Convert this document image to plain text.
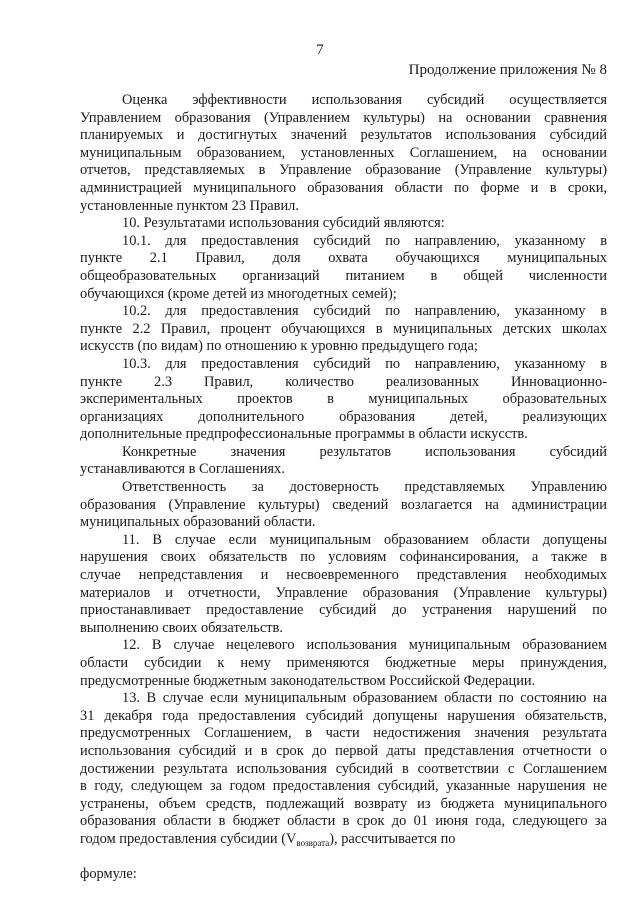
7
Продолжение приложения № 8
Оценка эффективности использования субсидий осуществляется
Управлением образования (Управлением культуры) на основании сравнения
планируемых и достигнутых значений результатов использования субсидий
муниципальным образованием, установленных Соглашением, на основании
отчетов, представляемых в Управление образование (Управление культуры)
администрацией муниципального образования области по форме и в сроки,
установленные пунктом 23 Правил.
10. Результатами использования субсидий являются:
10.1. для предоставления субсидий по направлению, указанному в
пункте 2.1 Правил, доля охвата обучающихся муниципальных
общеобразовательных организаций питанием в общей численности
обучающихся (кроме детей из многодетных семей);
10.2. для предоставления субсидий по направлению, указанному в
пункте 2.2 Правил, процент обучающихся в муниципальных детских школах
искусств (по видам) по отношению к уровню предыдущего года;
10.3. для предоставления субсидий по направлению, указанному в
пункте 2.3 Правил, количество реализованных Инновационно-
экспериментальных проектов в муниципальных образовательных
организациях дополнительного образования детей, реализующих
дополнительные предпрофессиональные программы в области искусств.
Конкретные значения результатов использования субсидий
устанавливаются в Соглашениях.
Ответственность за достоверность представляемых Управлению
образования (Управление культуры) сведений возлагается на администрации
муниципальных образований области.
11. В случае если муниципальным образованием области допущены
нарушения своих обязательств по условиям софинансирования, а также в
случае непредставления и несвоевременного представления необходимых
материалов и отчетности, Управление образования (Управление культуры)
приостанавливает предоставление субсидий до устранения нарушений по
выполнению своих обязательств.
12. В случае нецелевого использования муниципальным образованием
области субсидии к нему применяются бюджетные меры принуждения,
предусмотренные бюджетным законодательством Российской Федерации.
13. В случае если муниципальным образованием области по состоянию на
31 декабря года предоставления субсидий допущены нарушения обязательств,
предусмотренных Соглашением, в части недостижения значения результата
использования субсидий и в срок до первой даты представления отчетности о
достижении результата использования субсидий в соответствии с Соглашением
в году, следующем за годом предоставления субсидий, указанные нарушения не
устранены, объем средств, подлежащий возврату из бюджета муниципального
образования области в бюджет области в срок до 01 июня года, следующего за
годом предоставления субсидии $(V_{возврата})$, рассчитывается по
формуле:
